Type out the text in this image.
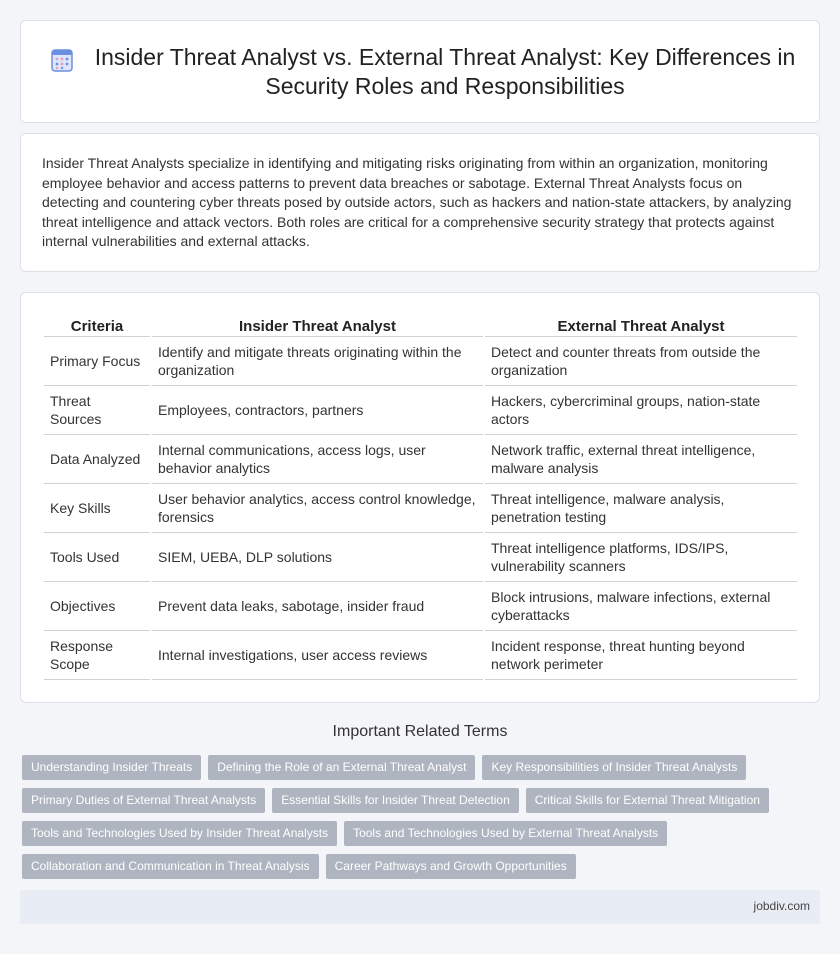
Insider Threat Analyst vs. External Threat Analyst: Key Differences in Security Roles and Responsibilities

Insider Threat Analysts specialize in identifying and mitigating risks originating from within an organization, monitoring employee behavior and access patterns to prevent data breaches or sabotage. External Threat Analysts focus on detecting and countering cyber threats posed by outside actors, such as hackers and nation-state attackers, by analyzing threat intelligence and attack vectors. Both roles are critical for a comprehensive security strategy that protects against internal vulnerabilities and external attacks.

Criteria	Insider Threat Analyst	External Threat Analyst
Primary Focus	Identify and mitigate threats originating within the organization	Detect and counter threats from outside the organization
Threat Sources	Employees, contractors, partners	Hackers, cybercriminal groups, nation-state actors
Data Analyzed	Internal communications, access logs, user behavior analytics	Network traffic, external threat intelligence, malware analysis
Key Skills	User behavior analytics, access control knowledge, forensics	Threat intelligence, malware analysis, penetration testing
Tools Used	SIEM, UEBA, DLP solutions	Threat intelligence platforms, IDS/IPS, vulnerability scanners
Objectives	Prevent data leaks, sabotage, insider fraud	Block intrusions, malware infections, external cyberattacks
Response Scope	Internal investigations, user access reviews	Incident response, threat hunting beyond network perimeter
Important Related Terms
Understanding Insider Threats	Defining the Role of an External Threat Analyst	Key Responsibilities of Insider Threat Analysts
Primary Duties of External Threat Analysts	Essential Skills for Insider Threat Detection	Critical Skills for External Threat Mitigation
Tools and Technologies Used by Insider Threat Analysts	Tools and Technologies Used by External Threat Analysts
Collaboration and Communication in Threat Analysis	Career Pathways and Growth Opportunities
jobdiv.com
